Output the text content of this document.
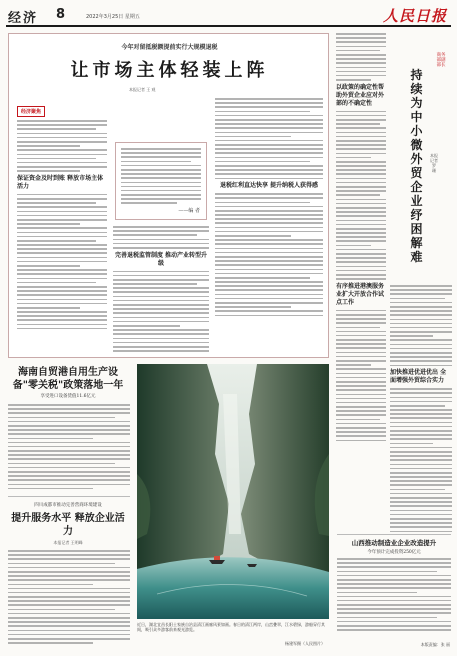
经济 8	2022年3月25日 星期五	人民日报
今年对留抵税额提前实行大规模退税
让市场主体轻装上阵
本报记者 王 观
经济聚焦
保证资金及时到账 释放市场主体活力
——编 者
完善退税监管制度 推动产业转型升级
退税红利直达快享 提升纳税人获得感
以政策的确定性帮助外贸企业应对外部的不确定性
有序推进港澳服务业扩大开放合作试点工作
商务部副部长
持续为中小微外贸企业纾困解难
本报记者 罗 珊
加快推进优进优出 全面增强外贸综合实力
海南自贸港自用生产设备"零关税"政策落地一年
享受进口设备货值11.6亿元
四川成都市推动完善营商环境建设
提升服务水平 释放企业活力
本报记者 王明峰
近日，湖北宜昌长阳土家族自治县清江画廊风景如画。春日的清江两岸，山峦叠翠，江水碧绿，游船穿行其间，吸引众多游客前来观光游览。
杨建军摄（人民图片）
山西推动制造业企业改造提升
今年预计完成投资250亿元
本版责编：张 丽
